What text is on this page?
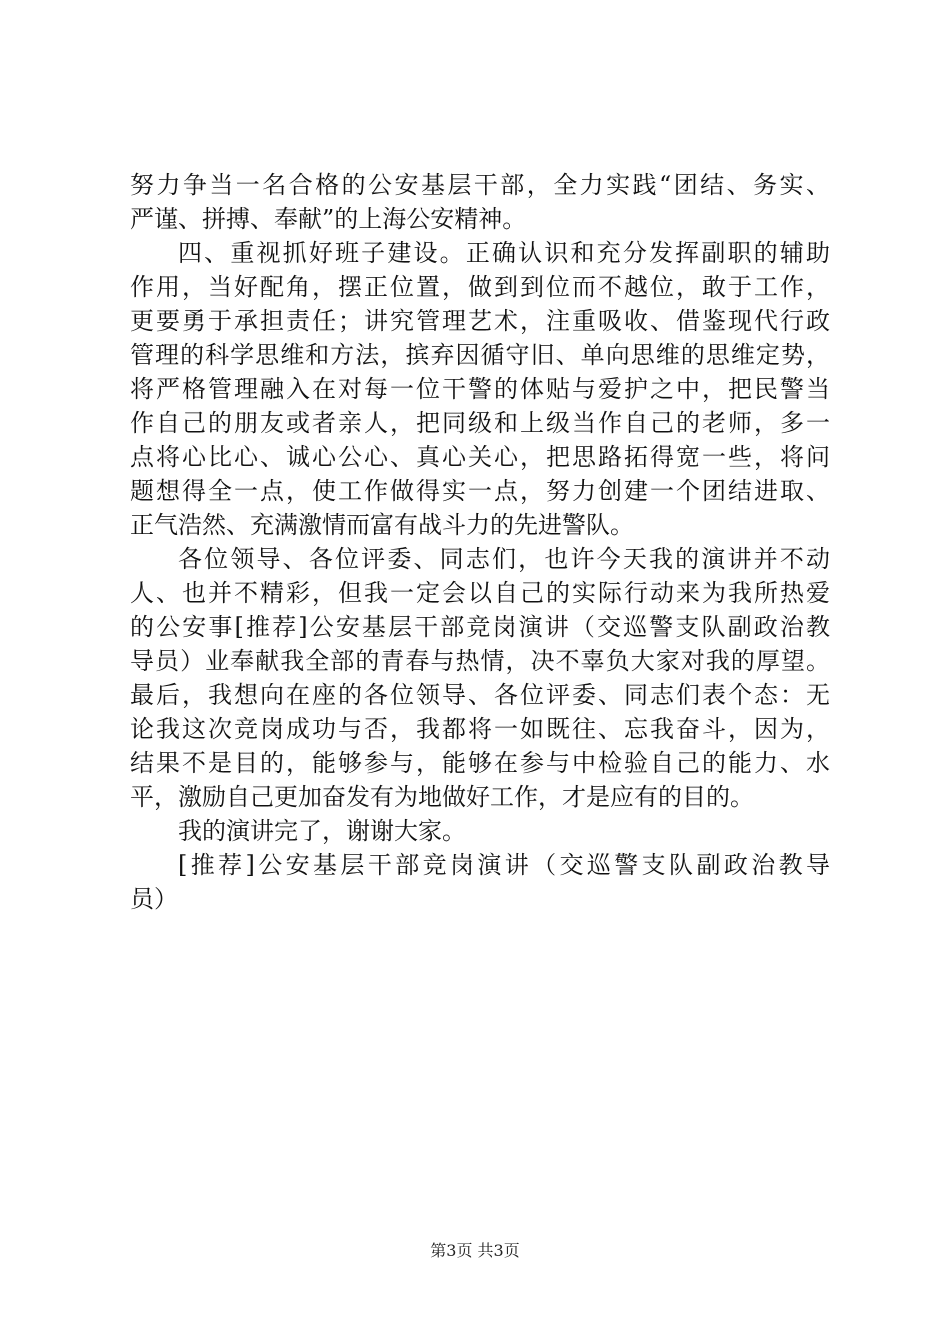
努力争当一名合格的公安基层干部，全力实践“团结、务实、
严谨、拼搏、奉献”的上海公安精神。
四、重视抓好班子建设。正确认识和充分发挥副职的辅助
作用，当好配角，摆正位置，做到到位而不越位，敢于工作，
更要勇于承担责任；讲究管理艺术，注重吸收、借鉴现代行政
管理的科学思维和方法，摈弃因循守旧、单向思维的思维定势，
将严格管理融入在对每一位干警的体贴与爱护之中，把民警当
作自己的朋友或者亲人，把同级和上级当作自己的老师，多一
点将心比心、诚心公心、真心关心，把思路拓得宽一些，将问
题想得全一点，使工作做得实一点，努力创建一个团结进取、
正气浩然、充满激情而富有战斗力的先进警队。
各位领导、各位评委、同志们，也许今天我的演讲并不动
人、也并不精彩，但我一定会以自己的实际行动来为我所热爱
的公安事[推荐]公安基层干部竞岗演讲（交巡警支队副政治教
导员）业奉献我全部的青春与热情，决不辜负大家对我的厚望。
最后，我想向在座的各位领导、各位评委、同志们表个态：无
论我这次竞岗成功与否，我都将一如既往、忘我奋斗，因为，
结果不是目的，能够参与，能够在参与中检验自己的能力、水
平，激励自己更加奋发有为地做好工作，才是应有的目的。
我的演讲完了，谢谢大家。
[推荐]公安基层干部竞岗演讲（交巡警支队副政治教导
员）
第3页 共3页
